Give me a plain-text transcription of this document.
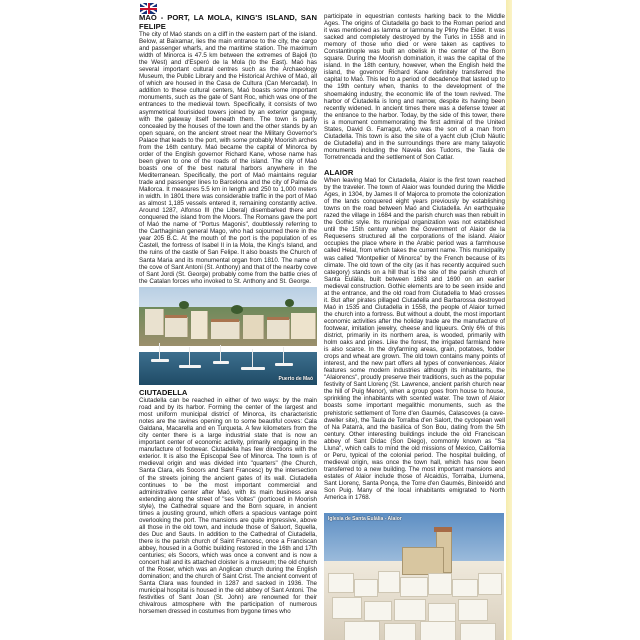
MAÓ - PORT, LA MOLA, KING'S ISLAND, SAN FELIPE

The city of Maó stands on a cliff in the eastern part of the island. Below, at Baixamar, lies the main entrance to the city, the cargo and passenger wharfs, and the maritime station. The maximum width of Minorca is 47.5 km between the extremes of Bajoli (to the West) and d'Esperó de la Mola (to the East). Maó has several important cultural centres such as the Archaeology Museum, the Public Library and the Historical Archive of Maó, all of which are housed in the Casa de Cultura (Can Mercadal). In addition to these cultural centers, Maó boasts some important monuments, such as the gate of Sant Roc, which was one of the entrances to the medieval town. Specifically, it consists of two asymmetrical fourisided towers joined by an exterior gangway, with the gateway itself beneath them. The town is partly concealed by the houses of the town and the other stands by an open square, on the ancient street near the Military Governor's Palace that leads to the port, with some probably Moorish arches from the 16th century. Maó became the capital of Minorca by order of the English governor Richard Kane, whose name has been given to one of the roads of the island. The city of Maó boasts one of the best natural harbors anywhere in the Mediterranean. Specifically, the port of Maó maintains regular trade and passenger lines to Barcelona and the city of Palma de Mallorca. It measures 5.5 km in length and 250 to 1,000 meters in width. In 1801 there was considerable traffic in the port of Maó as almost 1,185 vessels entered it, remaining constantly active. Around 1287, Alfonso III (the Liberal) disembarked there and conquered the island from the Moors. The Romans gave the port of Maó the name of "Portus Magonis", doubtlessly referring to the Carthaginian general Mago, who had sojourned there in the year 205 B.C. At the mouth of the port is the population of es Castell, the fortress of Isabel II in la Mola, the King's Island, and the ruins of the castle of San Felipe. It also boasts the Church of Santa Maria and its monumental organ from 1810. The name of the cove of Sant Antoni (St. Anthony) and that of the nearby cove of Sant Jordi (St. George) probably come from the battle cries of the Catalan forces who invoked to St. Anthony and St. George.

Puerto de Maó
CIUTADELLA

Ciutadella can be reached in either of two ways: by the main road and by its harbor. Forming the center of the largest and most uniform municipal district of Minorca, its characteristic notes are the ravines opening on to some beautiful coves: Cala Galdana, Macarella and en Turqueta. A few kilometers from the city center there is a large industrial state that is now an important center of economic activity, primarily engaging in the manufacture of footwear. Ciutadella has few directions with the exterior. It is also the Episcopal See of Minorca. The town is of medieval origin and was divided into "quarters" (the Church, Santa Clara, els Socors and Sant Francesc) by the intersection of the streets joining the ancient gates of its wall. Ciutadella continues to be the most important commercial and administrative center after Maó, with its main business area extending along the street of "ses Voltes" (porticoed in Moorish style), the Cathedral square and the Born square, in ancient times a jousting ground, which offers a spacious vantage point overlooking the port. The mansions are quite impressive, above all those in the old town, and include those of Saluort, Squella, des Duc and Sauts. In addition to the Cathedral of Ciutadella, there is the parish church of Saint Francesc, once a Franciscan abbey, housed in a Gothic building restored in the 16th and 17th centuries; els Socors, which was once a convent and is now a concert hall and its attached cloister is a museum; the old church of the Roser, which was an Anglican church during the English domination; and the church of Saint Crist. The ancient convent of Santa Clara was founded in 1287 and sacked in 1936. The municipal hospital is housed in the old abbey of Sant Antoni. The festivities of Sant Joan (St. John) are renowned for their chivalrous atmosphere with the participation of numerous horsemen dressed in costumes from bygone times who

participate in equestrian contests harking back to the Middle Ages. The origins of Ciutadella go back to the Roman period and it was mentioned as Iamma or Iamnona by Pliny the Elder. It was sacked and completely destroyed by the Turks in 1558 and in memory of those who died or were taken as captives to Constantinople was built an obelisk in the center of the Born square. During the Moorish domination, it was the capital of the island. In the 18th century, however, when the English held the island, the governor Richard Kane definitely transferred the capital to Maó. This led to a period of decadence that lasted up to the 19th century when, thanks to the development of the shoemaking industry, the economic life of the town revived. The harbor of Ciutadella is long and narrow, despite its having been recently widened. In ancient times there was a defense tower at the entrance to the harbor. Today, by the side of this tower, there is a monument commemorating the first admiral of the United States, David G. Farragut, who was the son of a man from Ciutadella. This town is also the site of a yacht club (Club Náutic de Ciutadella) and in the surroundings there are many talayotic monuments including the Navela des Tudons, the Taula de Torretrencada and the settlement of Son Catlar.

ALAIOR

When leaving Maó for Ciutadella, Alaior is the first town reached by the traveler. The town of Alaior was founded during the Middle Ages, in 1304, by James II of Majorca to promote the colonization of the lands conquered eight years previously by establishing towns on the road between Maó and Ciutadella. An earthquake razed the village in 1684 and the parish church was then rebuilt in the Gothic style. Its municipal organization was not established until the 15th century when the Government of Alaior de la Requesens structured all the corporations of the island. Alaior occupies the place where in the Arabic period was a farmhouse called Helal, from which takes the current name. This municipality was called "Montpellier of Minorca" by the French because of its climate. The old town of the city (as it has recently acquired such category) stands on a hill that is the site of the parish church of Santa Eulàlia, built between 1683 and 1690 on an earlier medieval construction. Gothic elements are to be seen inside and at the entrance, and the old road from Ciutadella to Maó crosses it. But after pirates pillaged Ciutadella and Barbarossa destroyed Maó in 1535 and Ciutadella in 1558, the people of Alaior turned the church into a fortress. But without a doubt, the most important economic activities after the holiday trade are the manufacture of footwear, imitation jewelry, cheese and liqueurs. Only 6% of this district, primarily in its northern area, is wooded, primarily with holm oaks and pines. Like the forest, the irrigated farmland here is also scarce. In the dryfarming areas, grain, potatoes, fodder crops and wheat are grown. The old town contains many points of interest, and the new part offers all types of conveniences. Alaior features some modern industries although its inhabitants, the "Alaiorencs", proudly preserve their traditions, such as the popular festivity of Sant Llorenç (St. Lawrence, ancient parish church near the hill of Puig Menor), when a group goes from house to house, sprinkling the inhabitants with scented water. The town of Alaior boasts some important megalithic monuments, such as the prehistoric settlement of Torre d'en Gaumés, Calascoves (a cave-dweller site), the Taula de Torralba d'en Salort, the cyclopean well of Na Patarrà, and the basilica of Son Bou, dating from the 5th century. Other interesting buildings include the old Franciscan abbey of Sant Dídac (Son Diego), commonly known as "Sa Lluna", which calls to mind the old missions of Mexico, California or Peru, typical of the colonial period. The hospital building, of medieval origin, was once the town hall, which has now been transferred to a new building. The most important mansions and estates of Alaior include those of Alcaidús, Torralba, Llumena, Sant Llorenç, Santa Ponça, the Torre d'en Gaumés, Binixeidó and Son Puig. Many of the local inhabitants emigrated to North America in 1768.

Iglesia de Santa Eulàlia - Alaior
